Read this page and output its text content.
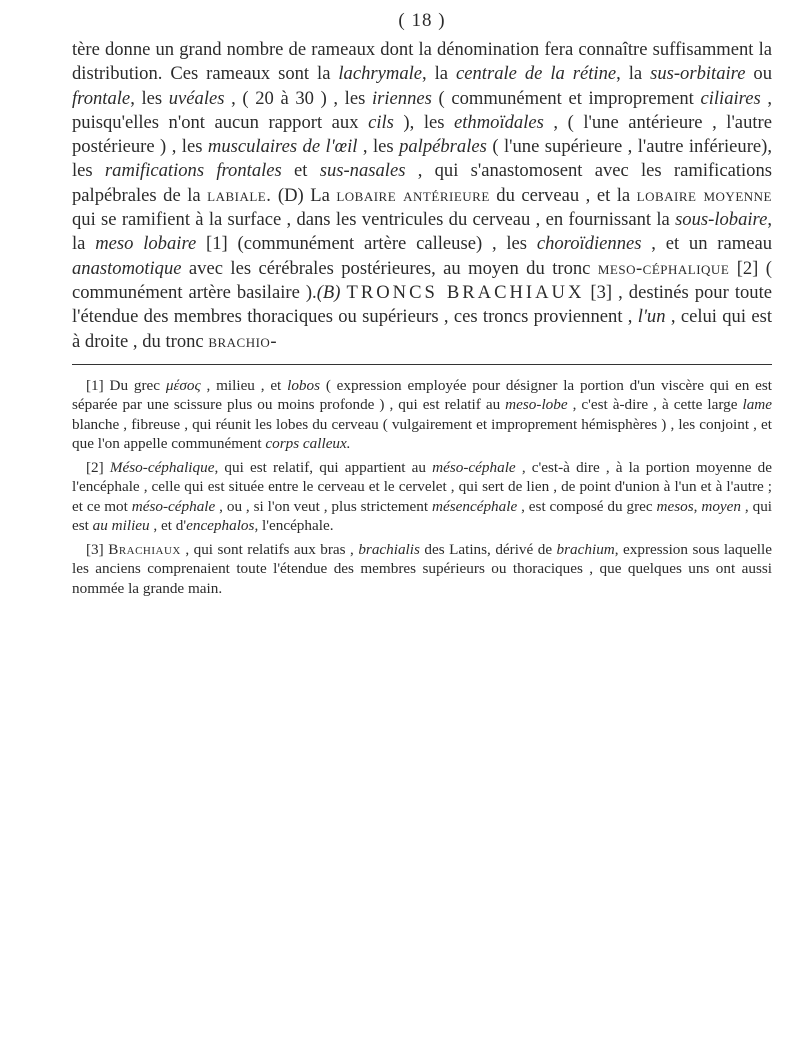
( 18 )

tère donne un grand nombre de rameaux dont la dénomination fera connaître suffisamment la distribution. Ces rameaux sont la lachrymale, la centrale de la rétine, la sus-orbitaire ou frontale, les uvéales , ( 20 à 30 ) , les iriennes ( communément et improprement ciliaires , puisqu'elles n'ont aucun rapport aux cils ), les ethmoïdales , ( l'une antérieure , l'autre postérieure ) , les musculaires de l'œil , les palpébrales ( l'une supérieure , l'autre inférieure), les ramifications frontales et sus-nasales , qui s'anastomosent avec les ramifications palpébrales de la labiale. (D) La lobaire antérieure du cerveau , et la lobaire moyenne qui se ramifient à la surface , dans les ventricules du cerveau , en fournissant la sous-lobaire, la meso lobaire [1] (communément artère calleuse) , les choroïdiennes , et un rameau anastomotique avec les cérébrales postérieures, au moyen du tronc meso-céphalique [2] ( communément artère basilaire ).(B) TRONCS BRACHIAUX [3] , destinés pour toute l'étendue des membres thoraciques ou supérieurs , ces troncs proviennent , l'un , celui qui est à droite , du tronc brachio-

[1] Du grec μέσος , milieu , et lobos ( expression employée pour désigner la portion d'un viscère qui en est séparée par une scissure plus ou moins profonde ) , qui est relatif au meso-lobe , c'est à-dire , à cette large lame blanche , fibreuse , qui réunit les lobes du cerveau ( vulgairement et improprement hémisphères ) , les conjoint , et que l'on appelle communément corps calleux.

[2] Méso-céphalique, qui est relatif, qui appartient au méso-céphale , c'est-à dire , à la portion moyenne de l'encéphale , celle qui est située entre le cerveau et le cervelet , qui sert de lien , de point d'union à l'un et à l'autre ; et ce mot méso-céphale , ou , si l'on veut , plus strictement mésencéphale , est composé du grec mesos, moyen , qui est au milieu , et d'encephalos, l'encéphale.

[3] Brachiaux , qui sont relatifs aux bras , brachialis des Latins, dérivé de brachium, expression sous laquelle les anciens comprenaient toute l'étendue des membres supérieurs ou thoraciques , que quelques uns ont aussi nommée la grande main.
